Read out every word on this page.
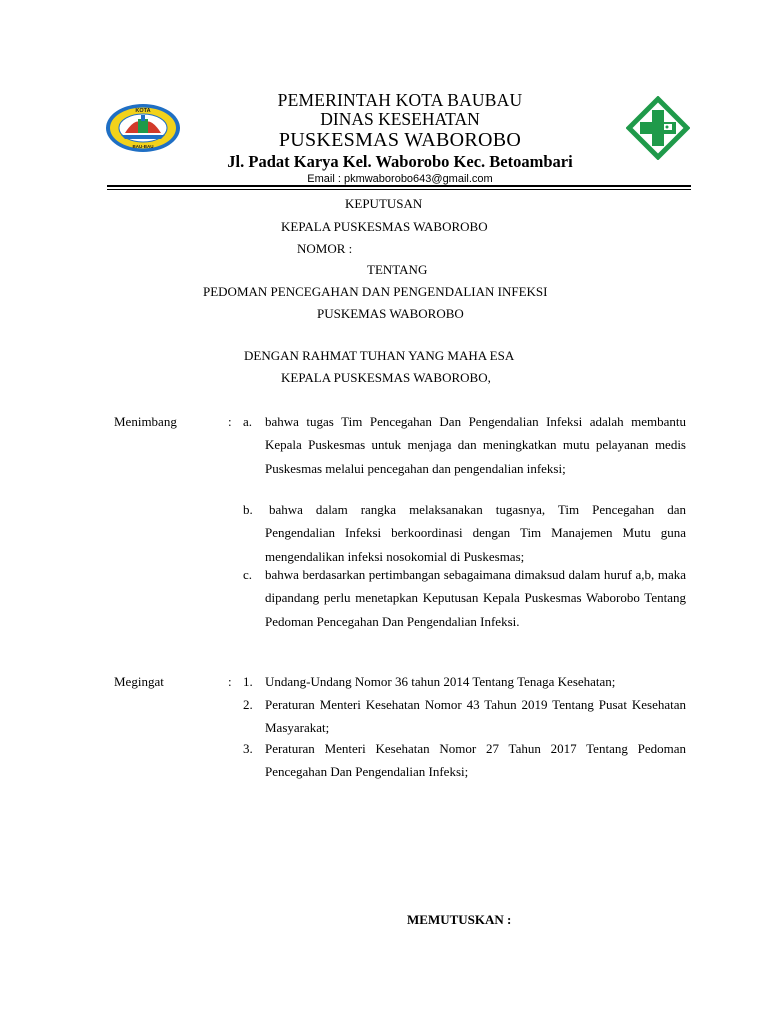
KOTA
BAU-BAU
PEMERINTAH KOTA BAUBAU
DINAS KESEHATAN
PUSKESMAS WABOROBO
Jl. Padat Karya Kel. Waborobo Kec. Betoambari
Email : pkmwaborobo643@gmail.com
KEPUTUSAN
KEPALA PUSKESMAS WABOROBO
NOMOR :
TENTANG
PEDOMAN PENCEGAHAN DAN PENGENDALIAN INFEKSI
PUSKEMAS WABOROBO
DENGAN RAHMAT TUHAN YANG MAHA ESA
KEPALA PUSKESMAS WABOROBO,
Menimbang	: a. bahwa tugas Tim Pencegahan Dan Pengendalian Infeksi adalah membantu Kepala Puskesmas untuk menjaga dan meningkatkan mutu pelayanan medis Puskesmas melalui pencegahan dan pengendalian infeksi;
b.	bahwa dalam rangka melaksanakan tugasnya, Tim Pencegahan dan Pengendalian Infeksi berkoordinasi dengan Tim Manajemen Mutu guna mengendalikan infeksi nosokomial di Puskesmas;
c. bahwa berdasarkan pertimbangan sebagaimana dimaksud dalam huruf a,b, maka dipandang perlu menetapkan Keputusan Kepala Puskesmas Waborobo Tentang Pedoman Pencegahan Dan Pengendalian Infeksi.
Megingat	: 1. Undang-Undang Nomor 36 tahun 2014 Tentang Tenaga Kesehatan;
2. Peraturan Menteri Kesehatan Nomor 43 Tahun 2019 Tentang Pusat Kesehatan Masyarakat;
3. Peraturan Menteri Kesehatan Nomor 27 Tahun 2017 Tentang Pedoman Pencegahan Dan Pengendalian Infeksi;
MEMUTUSKAN :
